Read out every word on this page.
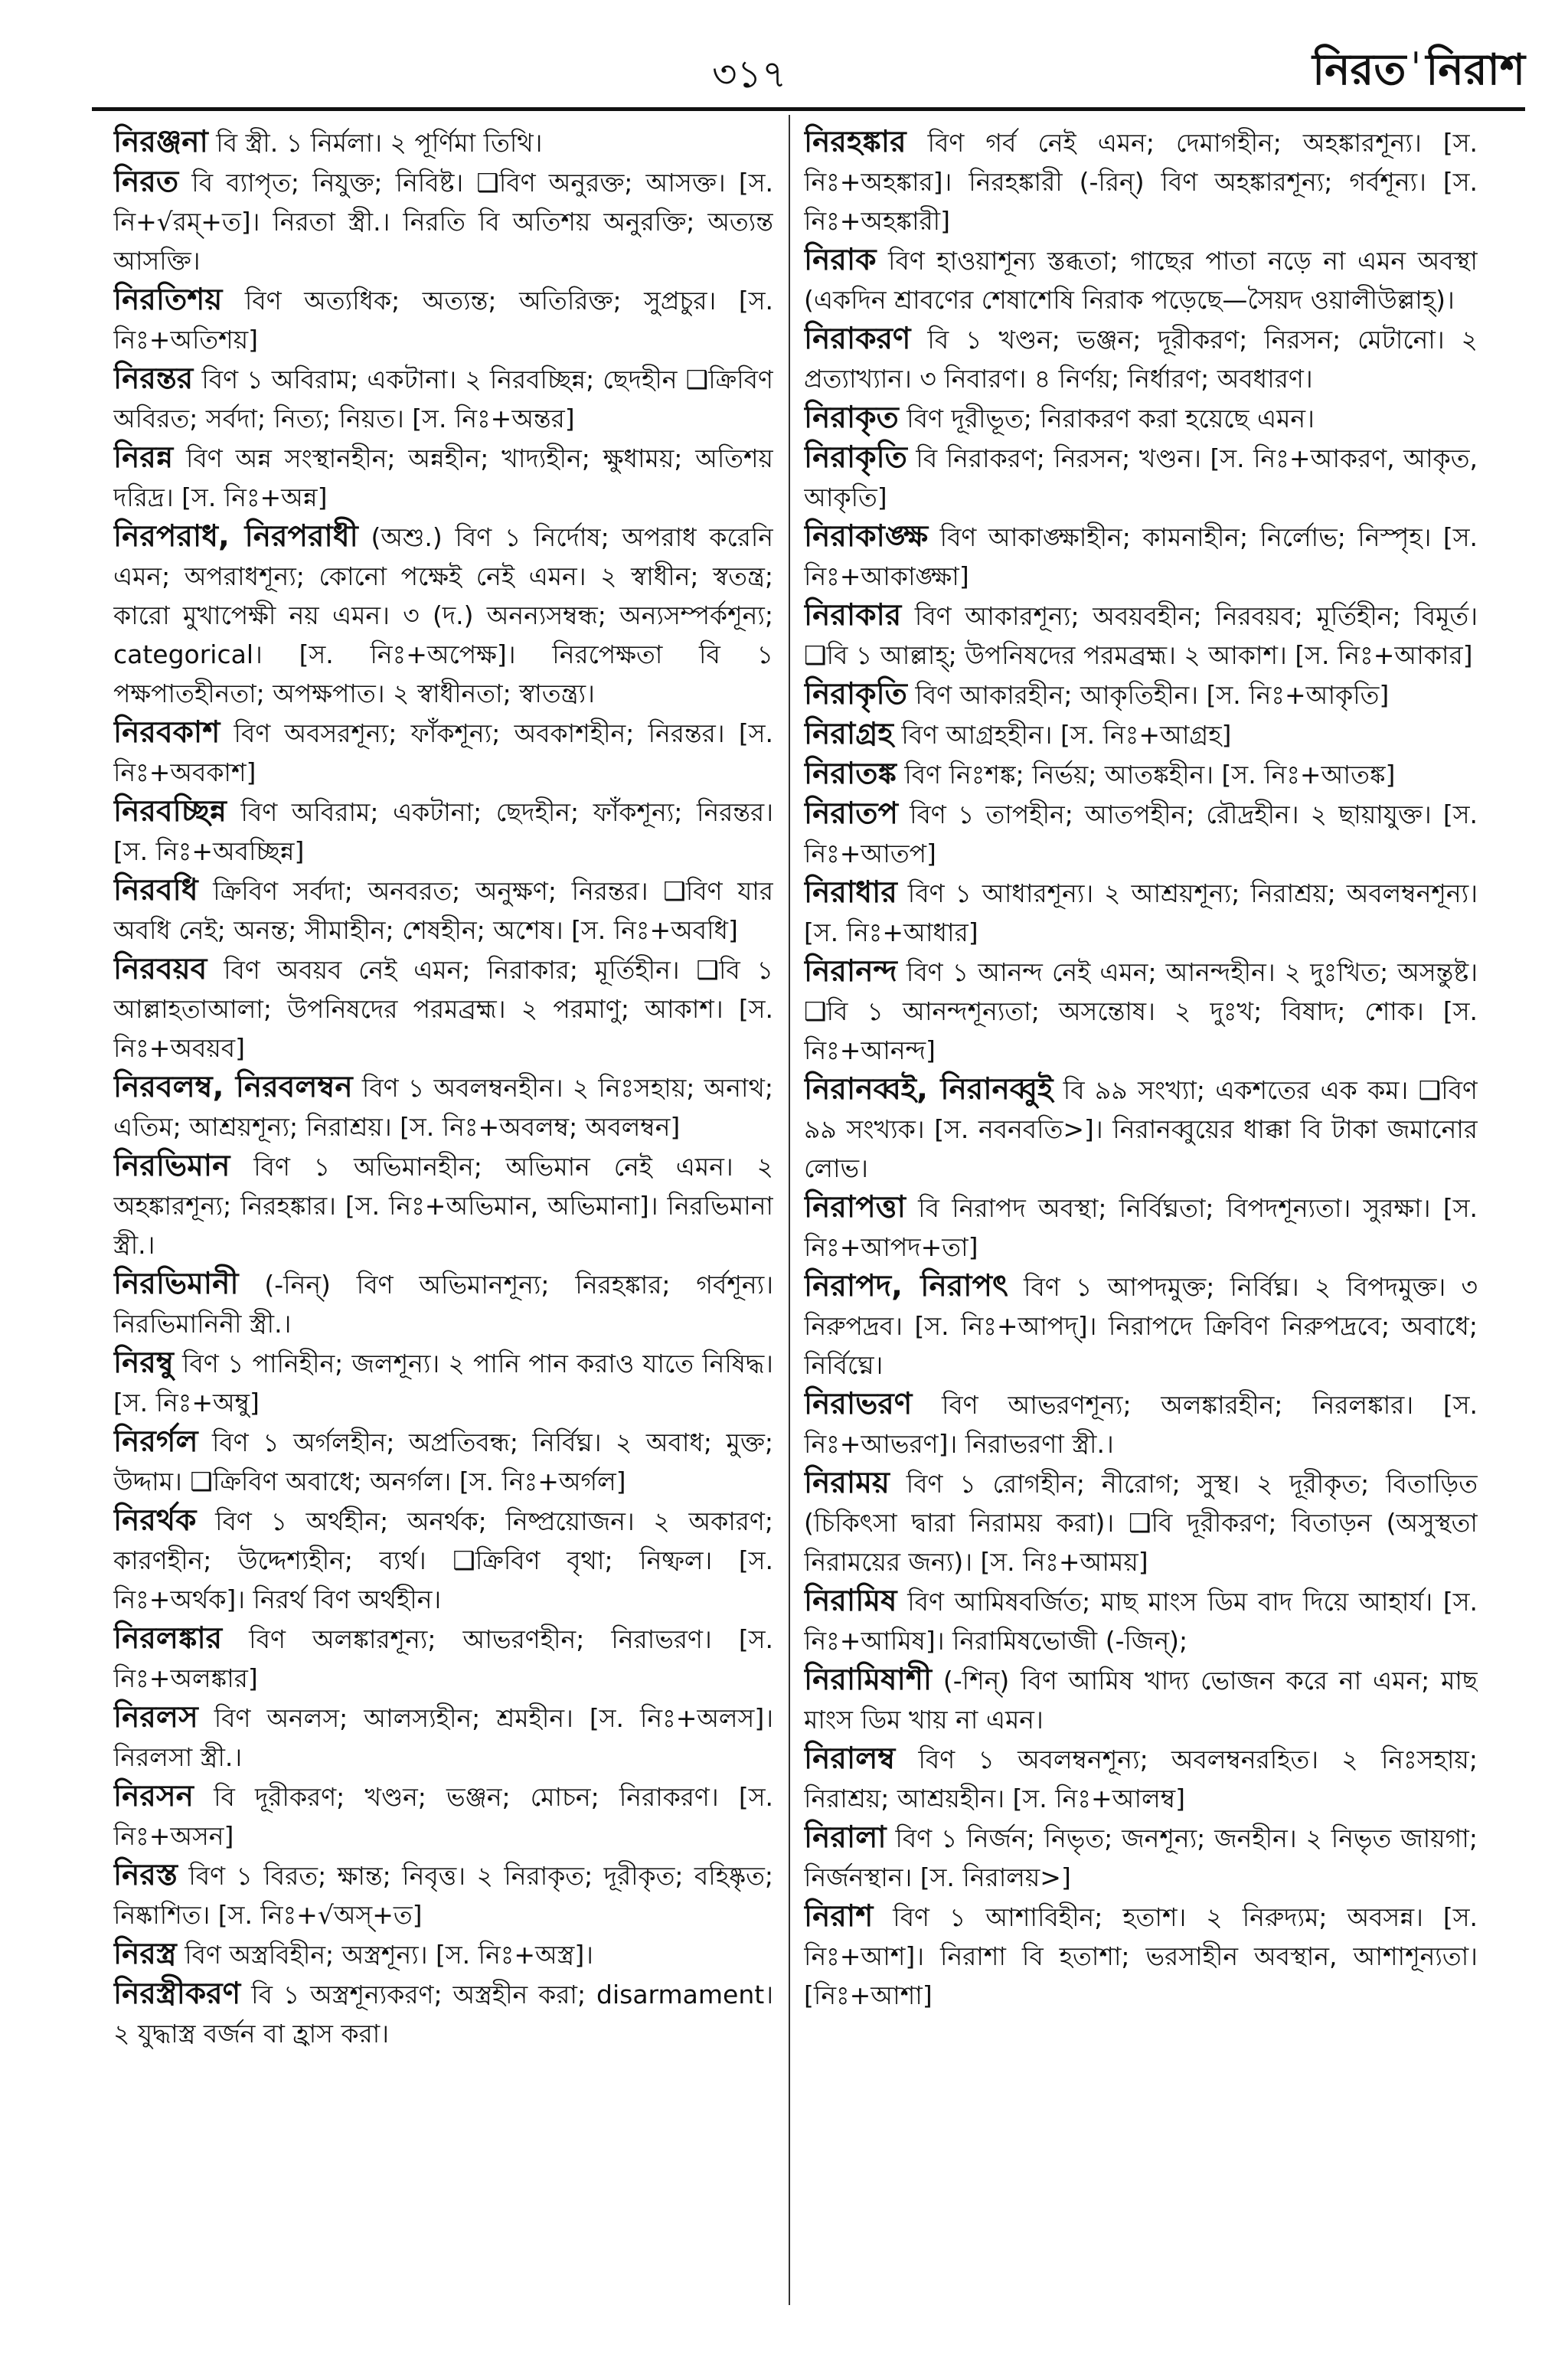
৩১৭	নিরতˈনিরাশ

নিরঞ্জনা বি স্ত্রী. ১ নির্মলা। ২ পূর্ণিমা তিথি।

নিরত বি ব্যাপৃত; নিযুক্ত; নিবিষ্ট। ❑বিণ অনুরক্ত; আসক্ত। [স. নি+√রম্+ত]। নিরতা স্ত্রী.। নিরতি বি অতিশয় অনুরক্তি; অত্যন্ত আসক্তি।

নিরতিশয় বিণ অত্যধিক; অত্যন্ত; অতিরিক্ত; সুপ্রচুর। [স. নিঃ+অতিশয়]

নিরন্তর বিণ ১ অবিরাম; একটানা। ২ নিরবচ্ছিন্ন; ছেদহীন ❑ক্রিবিণ অবিরত; সর্বদা; নিত্য; নিয়ত। [স. নিঃ+অন্তর]

নিরন্ন বিণ অন্ন সংস্থানহীন; অন্নহীন; খাদ্যহীন; ক্ষুধাময়; অতিশয় দরিদ্র। [স. নিঃ+অন্ন]

নিরপরাধ, নিরপরাধী (অশু.) বিণ ১ নির্দোষ; অপরাধ করেনি এমন; অপরাধশূন্য; কোনো পক্ষেই নেই এমন। ২ স্বাধীন; স্বতন্ত্র; কারো মুখাপেক্ষী নয় এমন। ৩ (দ.) অনন্যসম্বন্ধ; অন্যসম্পর্কশূন্য; categorical। [স. নিঃ+অপেক্ষ]। নিরপেক্ষতা বি ১ পক্ষপাতহীনতা; অপক্ষপাত। ২ স্বাধীনতা; স্বাতন্ত্র্য।

নিরবকাশ বিণ অবসরশূন্য; ফাঁকশূন্য; অবকাশহীন; নিরন্তর। [স. নিঃ+অবকাশ]

নিরবচ্ছিন্ন বিণ অবিরাম; একটানা; ছেদহীন; ফাঁকশূন্য; নিরন্তর। [স. নিঃ+অবচ্ছিন্ন]

নিরবধি ক্রিবিণ সর্বদা; অনবরত; অনুক্ষণ; নিরন্তর। ❑বিণ যার অবধি নেই; অনন্ত; সীমাহীন; শেষহীন; অশেষ। [স. নিঃ+অবধি]

নিরবয়ব বিণ অবয়ব নেই এমন; নিরাকার; মূর্তিহীন। ❑বি ১ আল্লাহতাআলা; উপনিষদের পরমব্রহ্ম। ২ পরমাণু; আকাশ। [স. নিঃ+অবয়ব]

নিরবলম্ব, নিরবলম্বন বিণ ১ অবলম্বনহীন। ২ নিঃসহায়; অনাথ; এতিম; আশ্রয়শূন্য; নিরাশ্রয়। [স. নিঃ+অবলম্ব; অবলম্বন]

নিরভিমান বিণ ১ অভিমানহীন; অভিমান নেই এমন। ২ অহঙ্কারশূন্য; নিরহঙ্কার। [স. নিঃ+অভিমান, অভিমানা]। নিরভিমানা স্ত্রী.।

নিরভিমানী (-নিন্) বিণ অভিমানশূন্য; নিরহঙ্কার; গর্বশূন্য। নিরভিমানিনী স্ত্রী.।

নিরম্বু বিণ ১ পানিহীন; জলশূন্য। ২ পানি পান করাও যাতে নিষিদ্ধ। [স. নিঃ+অম্বু]

নিরর্গল বিণ ১ অর্গলহীন; অপ্রতিবন্ধ; নির্বিঘ্ন। ২ অবাধ; মুক্ত; উদ্দাম। ❑ক্রিবিণ অবাধে; অনর্গল। [স. নিঃ+অর্গল]

নিরর্থক বিণ ১ অর্থহীন; অনর্থক; নিষ্প্রয়োজন। ২ অকারণ; কারণহীন; উদ্দেশ্যহীন; ব্যর্থ। ❑ক্রিবিণ বৃথা; নিষ্ফল। [স. নিঃ+অর্থক]। নিরর্থ বিণ অর্থহীন।

নিরলঙ্কার বিণ অলঙ্কারশূন্য; আভরণহীন; নিরাভরণ। [স. নিঃ+অলঙ্কার]

নিরলস বিণ অনলস; আলস্যহীন; শ্রমহীন। [স. নিঃ+অলস]। নিরলসা স্ত্রী.।

নিরসন বি দূরীকরণ; খণ্ডন; ভঞ্জন; মোচন; নিরাকরণ। [স. নিঃ+অসন]

নিরস্ত বিণ ১ বিরত; ক্ষান্ত; নিবৃত্ত। ২ নিরাকৃত; দূরীকৃত; বহিষ্কৃত; নিষ্কাশিত। [স. নিঃ+√অস্+ত]

নিরস্ত্র বিণ অস্ত্রবিহীন; অস্ত্রশূন্য। [স. নিঃ+অস্ত্র]।

নিরস্ত্রীকরণ বি ১ অস্ত্রশূন্যকরণ; অস্ত্রহীন করা; disarmament। ২ যুদ্ধাস্ত্র বর্জন বা হ্রাস করা।

নিরহঙ্কার বিণ গর্ব নেই এমন; দেমাগহীন; অহঙ্কারশূন্য। [স. নিঃ+অহঙ্কার]। নিরহঙ্কারী (-রিন্) বিণ অহঙ্কারশূন্য; গর্বশূন্য। [স. নিঃ+অহঙ্কারী]

নিরাক বিণ হাওয়াশূন্য স্তব্ধতা; গাছের পাতা নড়ে না এমন অবস্থা (একদিন শ্রাবণের শেষাশেষি নিরাক পড়েছে—সৈয়দ ওয়ালীউল্লাহ্)।

নিরাকরণ বি ১ খণ্ডন; ভঞ্জন; দূরীকরণ; নিরসন; মেটানো। ২ প্রত্যাখ্যান। ৩ নিবারণ। ৪ নির্ণয়; নির্ধারণ; অবধারণ।

নিরাকৃত বিণ দূরীভূত; নিরাকরণ করা হয়েছে এমন।

নিরাকৃতি বি নিরাকরণ; নিরসন; খণ্ডন। [স. নিঃ+আকরণ, আকৃত, আকৃতি]

নিরাকাঙ্ক্ষ বিণ আকাঙ্ক্ষাহীন; কামনাহীন; নির্লোভ; নিস্পৃহ। [স. নিঃ+আকাঙ্ক্ষা]

নিরাকার বিণ আকারশূন্য; অবয়বহীন; নিরবয়ব; মূর্তিহীন; বিমূর্ত। ❑বি ১ আল্লাহ্; উপনিষদের পরমব্রহ্ম। ২ আকাশ। [স. নিঃ+আকার]

নিরাকৃতি বিণ আকারহীন; আকৃতিহীন। [স. নিঃ+আকৃতি]

নিরাগ্রহ বিণ আগ্রহহীন। [স. নিঃ+আগ্রহ]

নিরাতঙ্ক বিণ নিঃশঙ্ক; নির্ভয়; আতঙ্কহীন। [স. নিঃ+আতঙ্ক]

নিরাতপ বিণ ১ তাপহীন; আতপহীন; রৌদ্রহীন। ২ ছায়াযুক্ত। [স. নিঃ+আতপ]

নিরাধার বিণ ১ আধারশূন্য। ২ আশ্রয়শূন্য; নিরাশ্রয়; অবলম্বনশূন্য। [স. নিঃ+আধার]

নিরানন্দ বিণ ১ আনন্দ নেই এমন; আনন্দহীন। ২ দুঃখিত; অসন্তুষ্ট। ❑বি ১ আনন্দশূন্যতা; অসন্তোষ। ২ দুঃখ; বিষাদ; শোক। [স. নিঃ+আনন্দ]

নিরানব্বই, নিরানব্বুই বি ৯৯ সংখ্যা; একশতের এক কম। ❑বিণ ৯৯ সংখ্যক। [স. নবনবতি>]। নিরানব্বুয়ের ধাক্কা বি টাকা জমানোর লোভ।

নিরাপত্তা বি নিরাপদ অবস্থা; নির্বিঘ্নতা; বিপদশূন্যতা। সুরক্ষা। [স. নিঃ+আপদ+তা]

নিরাপদ, নিরাপৎ বিণ ১ আপদমুক্ত; নির্বিঘ্ন। ২ বিপদমুক্ত। ৩ নিরুপদ্রব। [স. নিঃ+আপদ্]। নিরাপদে ক্রিবিণ নিরুপদ্রবে; অবাধে; নির্বিঘ্নে।

নিরাভরণ বিণ আভরণশূন্য; অলঙ্কারহীন; নিরলঙ্কার। [স. নিঃ+আভরণ]। নিরাভরণা স্ত্রী.।

নিরাময় বিণ ১ রোগহীন; নীরোগ; সুস্থ। ২ দূরীকৃত; বিতাড়িত (চিকিৎসা দ্বারা নিরাময় করা)। ❑বি দূরীকরণ; বিতাড়ন (অসুস্থতা নিরাময়ের জন্য)। [স. নিঃ+আময়]

নিরামিষ বিণ আমিষবর্জিত; মাছ মাংস ডিম বাদ দিয়ে আহার্য। [স. নিঃ+আমিষ]। নিরামিষভোজী (-জিন্);

নিরামিষাশী (-শিন্) বিণ আমিষ খাদ্য ভোজন করে না এমন; মাছ মাংস ডিম খায় না এমন।

নিরালম্ব বিণ ১ অবলম্বনশূন্য; অবলম্বনরহিত। ২ নিঃসহায়; নিরাশ্রয়; আশ্রয়হীন। [স. নিঃ+আলম্ব]

নিরালা বিণ ১ নির্জন; নিভৃত; জনশূন্য; জনহীন। ২ নিভৃত জায়গা; নির্জনস্থান। [স. নিরালয়>]

নিরাশ বিণ ১ আশাবিহীন; হতাশ। ২ নিরুদ্যম; অবসন্ন। [স. নিঃ+আশ]। নিরাশা বি হতাশা; ভরসাহীন অবস্থান, আশাশূন্যতা। [নিঃ+আশা]
